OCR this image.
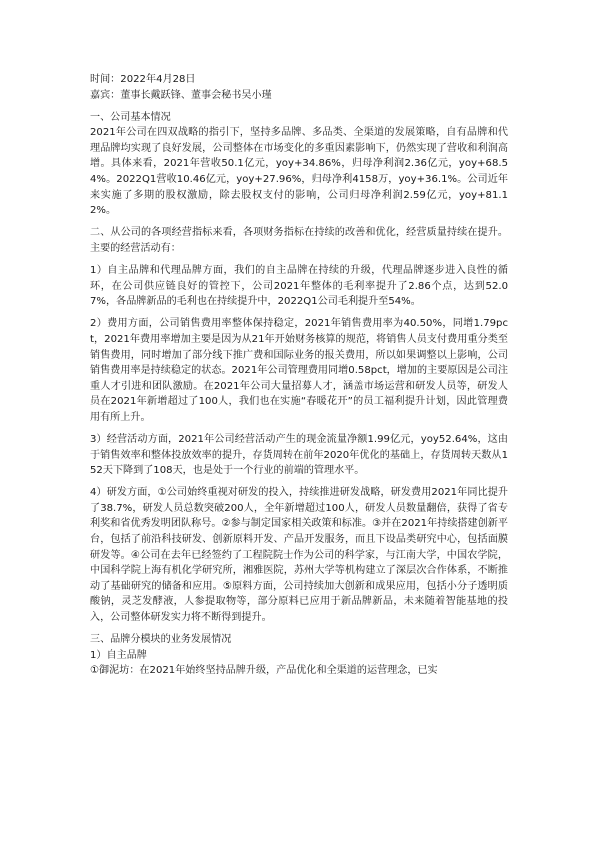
时间：2022年4月28日

嘉宾：董事长戴跃锋、董事会秘书吴小瑾

一、公司基本情况

2021年公司在四双战略的指引下，坚持多品牌、多品类、全渠道的发展策略，自有品牌和代理品牌均实现了良好发展，公司整体在市场变化的多重因素影响下，仍然实现了营收和利润高增。具体来看，2021年营收50.1亿元，yoy+34.86%，归母净利润2.36亿元，yoy+68.54%。2022Q1营收10.46亿元，yoy+27.96%，归母净利4158万，yoy+36.1%。公司近年来实施了多期的股权激励，除去股权支付的影响，公司归母净利润2.59亿元，yoy+81.12%。

二、从公司的各项经营指标来看，各项财务指标在持续的改善和优化，经营质量持续在提升。主要的经营活动有：

1）自主品牌和代理品牌方面，我们的自主品牌在持续的升级，代理品牌逐步进入良性的循环，在公司供应链良好的管控下，公司2021年整体的毛利率提升了2.86个点，达到52.07%，各品牌新品的毛利也在持续提升中，2022Q1公司毛利提升至54%。

2）费用方面，公司销售费用率整体保持稳定，2021年销售费用率为40.50%，同增1.79pct，2021年费用率增加主要是因为从21年开始财务核算的规范，将销售人员支付费用重分类至销售费用，同时增加了部分线下推广费和国际业务的报关费用，所以如果调整以上影响，公司销售费用率是持续稳定的状态。2021年公司管理费用同增0.58pct，增加的主要原因是公司注重人才引进和团队激励。在2021年公司大量招募人才，涵盖市场运营和研发人员等，研发人员在2021年新增超过了100人，我们也在实施“春暖花开”的员工福利提升计划，因此管理费用有所上升。

3）经营活动方面，2021年公司经营活动产生的现金流量净额1.99亿元，yoy52.64%，这由于销售效率和整体投放效率的提升，存货周转在前年2020年优化的基础上，存货周转天数从152天下降到了108天，也是处于一个行业的前端的管理水平。

4）研发方面，①公司始终重视对研发的投入，持续推进研发战略，研发费用2021年同比提升了38.7%，研发人员总数突破200人，全年新增超过100人，研发人员数量翻倍，获得了省专利奖和省优秀发明团队称号。②参与制定国家相关政策和标准。③并在2021年持续搭建创新平台，包括了前沿科技研发、创新原料开发、产品开发服务，而且下设品类研究中心，包括面膜研发等。④公司在去年已经签约了工程院院士作为公司的科学家，与江南大学，中国农学院，中国科学院上海有机化学研究所，湘雅医院，苏州大学等机构建立了深层次合作体系，不断推动了基础研究的储备和应用。⑤原料方面，公司持续加大创新和成果应用，包括小分子透明质酸钠，灵芝发酵液，人参提取物等，部分原料已应用于新品牌新品，未来随着智能基地的投入，公司整体研发实力将不断得到提升。

三、品牌分模块的业务发展情况

1）自主品牌

①御泥坊：在2021年始终坚持品牌升级，产品优化和全渠道的运营理念，已实
